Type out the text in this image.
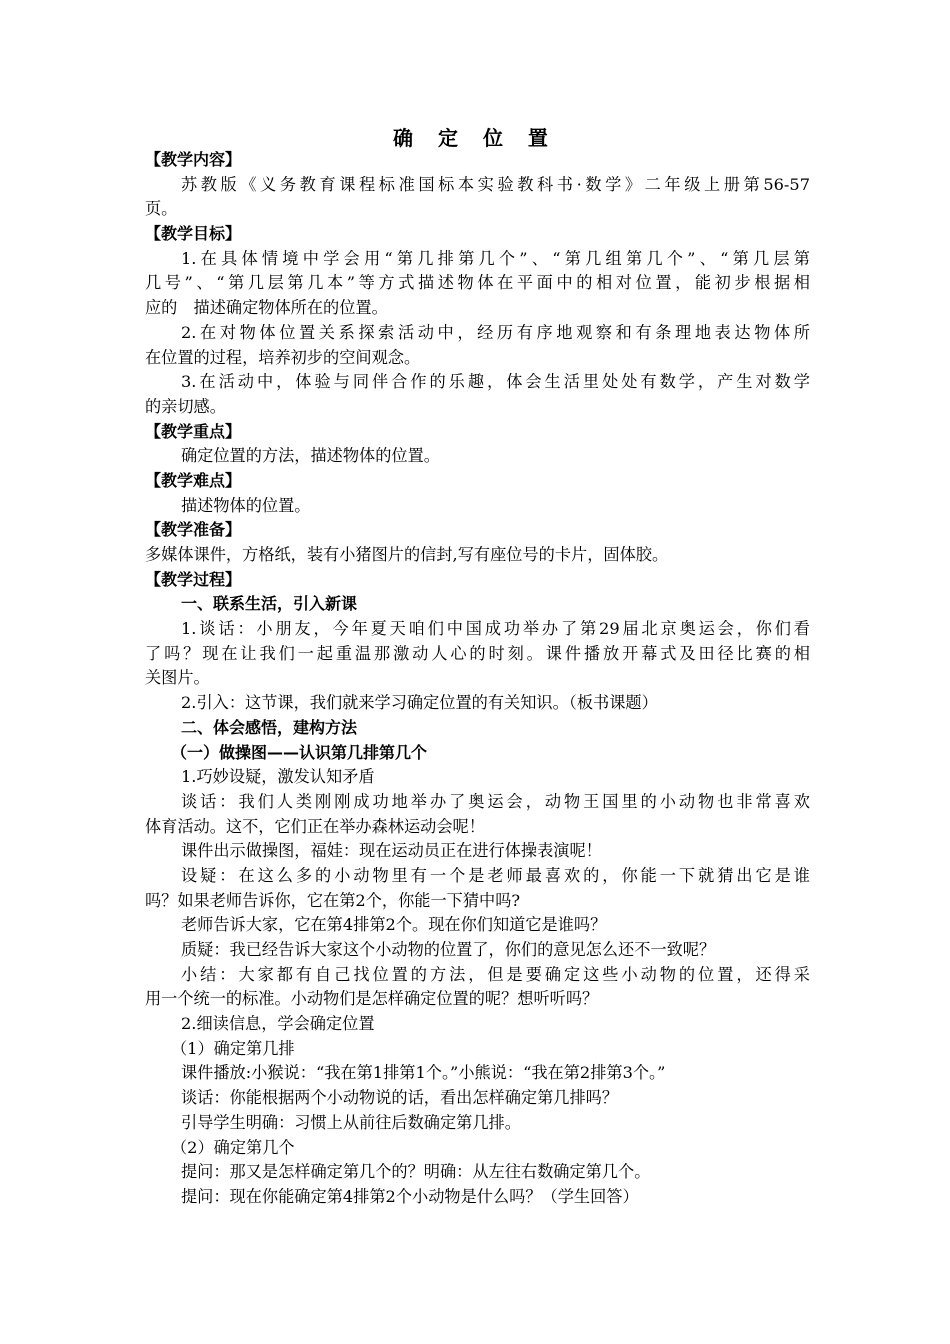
确 定 位 置
【教学内容】
苏教版《义务教育课程标准国标本实验教科书·数学》二年级上册第56-57
页。
【教学目标】
1.在具体情境中学会用“第几排第几个”、“第几组第几个”、“第几层第
几号”、“第几层第几本”等方式描述物体在平面中的相对位置，能初步根据相
应的　描述确定物体所在的位置。
2.在对物体位置关系探索活动中，经历有序地观察和有条理地表达物体所
在位置的过程，培养初步的空间观念。
3.在活动中，体验与同伴合作的乐趣，体会生活里处处有数学，产生对数学
的亲切感。
【教学重点】
确定位置的方法，描述物体的位置。
【教学难点】
描述物体的位置。
【教学准备】
多媒体课件，方格纸，装有小猪图片的信封,写有座位号的卡片，固体胶。
【教学过程】
一、联系生活，引入新课
1.谈话：小朋友，今年夏天咱们中国成功举办了第29届北京奥运会，你们看
了吗？现在让我们一起重温那激动人心的时刻。课件播放开幕式及田径比赛的相
关图片。
2.引入：这节课，我们就来学习确定位置的有关知识。（板书课题）
二、体会感悟，建构方法
（一）做操图——认识第几排第几个
1.巧妙设疑，激发认知矛盾
谈话：我们人类刚刚成功地举办了奥运会，动物王国里的小动物也非常喜欢
体育活动。这不，它们正在举办森林运动会呢！
课件出示做操图，福娃：现在运动员正在进行体操表演呢！
设疑：在这么多的小动物里有一个是老师最喜欢的，你能一下就猜出它是谁
吗？如果老师告诉你，它在第2个，你能一下猜中吗?
老师告诉大家，它在第4排第2个。现在你们知道它是谁吗？
质疑：我已经告诉大家这个小动物的位置了，你们的意见怎么还不一致呢？
小结：大家都有自己找位置的方法，但是要确定这些小动物的位置，还得采
用一个统一的标准。小动物们是怎样确定位置的呢？想听听吗？
2.细读信息，学会确定位置
（1）确定第几排
课件播放:小猴说：“我在第1排第1个。”小熊说：“我在第2排第3个。”
谈话：你能根据两个小动物说的话，看出怎样确定第几排吗？
引导学生明确：习惯上从前往后数确定第几排。
（2）确定第几个
提问：那又是怎样确定第几个的？明确：从左往右数确定第几个。
提问：现在你能确定第4排第2个小动物是什么吗？（学生回答）
